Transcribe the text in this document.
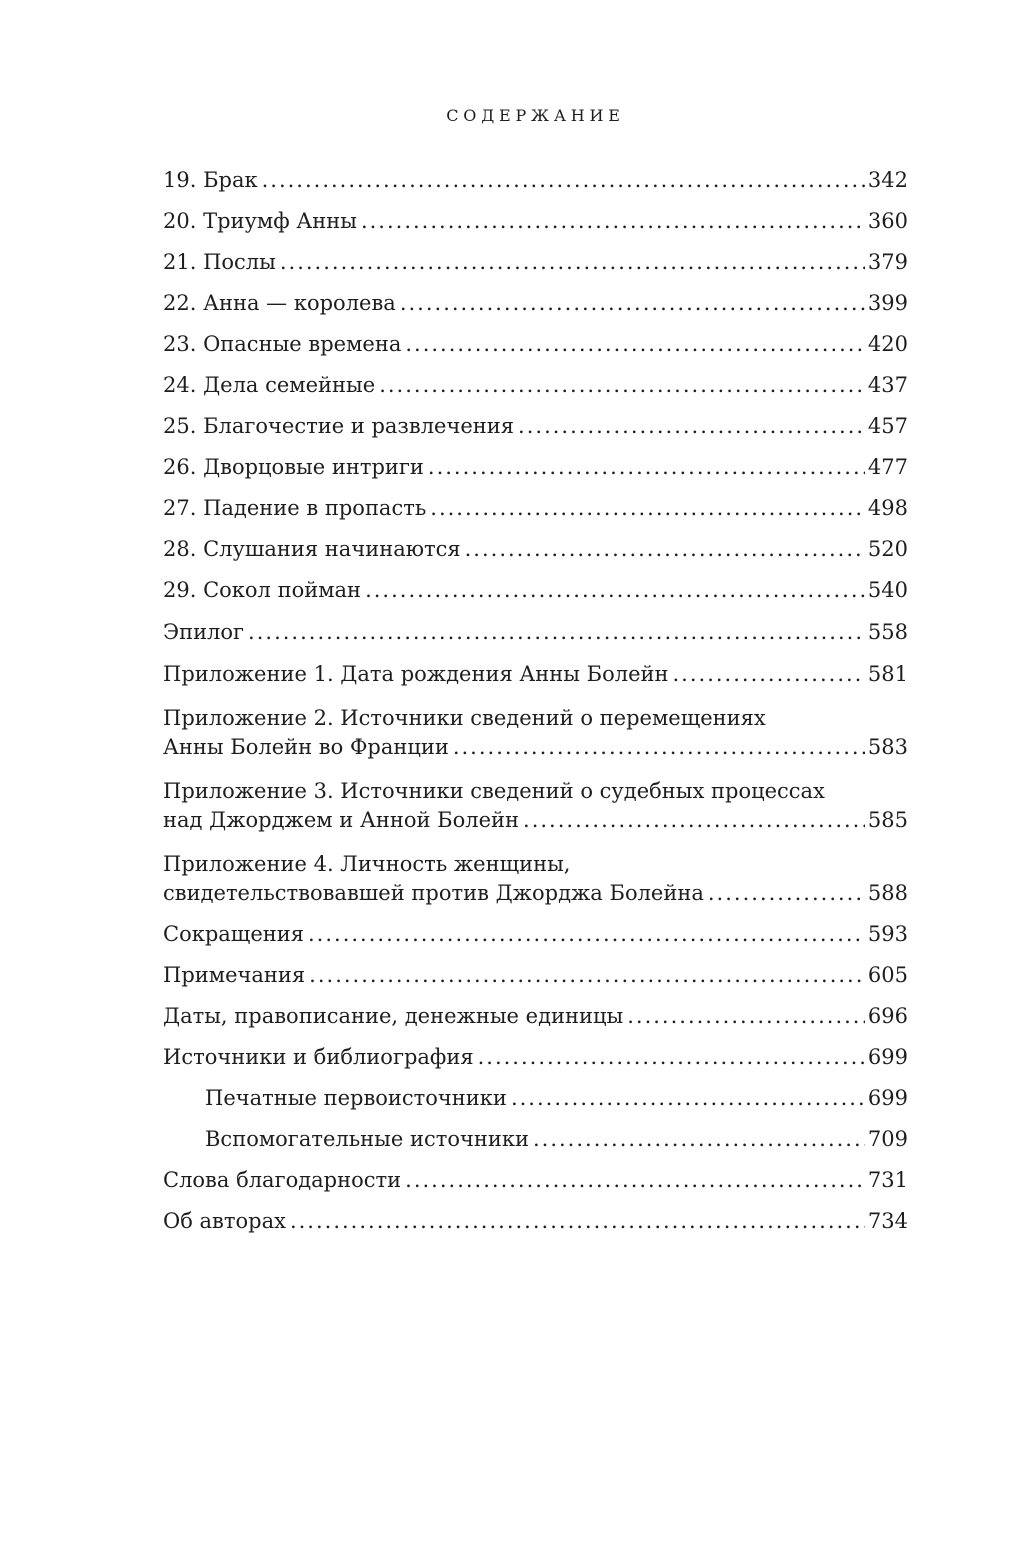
СОДЕРЖАНИЕ
19. Брак .....	342
20. Триумф Анны .....	360
21. Послы .....	379
22. Анна — королева .....	399
23. Опасные времена .....	420
24. Дела семейные .....	437
25. Благочестие и развлечения .....	457
26. Дворцовые интриги .....	477
27. Падение в пропасть .....	498
28. Слушания начинаются .....	520
29. Сокол пойман .....	540
Эпилог .....	558
Приложение 1. Дата рождения Анны Болейн .....	581
Приложение 2. Источники сведений о перемещениях
Анны Болейн во Франции .....	583
Приложение 3. Источники сведений о судебных процессах
над Джорджем и Анной Болейн .....	585
Приложение 4. Личность женщины,
свидетельствовавшей против Джорджа Болейна .....	588
Сокращения .....	593
Примечания .....	605
Даты, правописание, денежные единицы .....	696
Источники и библиография .....	699
Печатные первоисточники .....	699
Вспомогательные источники .....	709
Слова благодарности .....	731
Об авторах .....	734
